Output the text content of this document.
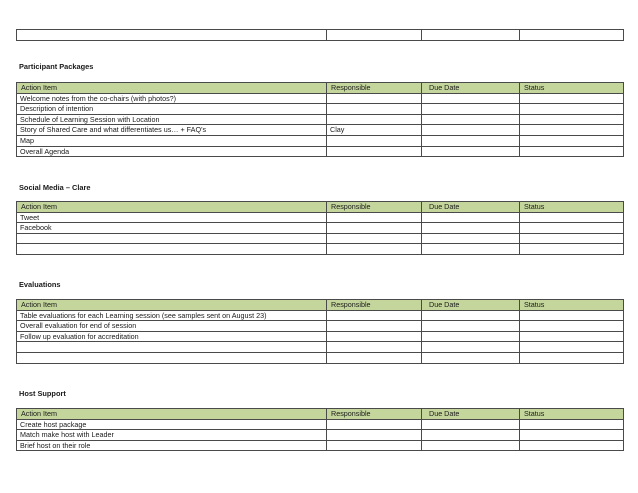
Participant Packages
Action Item	Responsible	Due Date	Status
Welcome notes from the co-chairs (with photos?)			
Description of intention			
Schedule of Learning Session with Location			
Story of Shared Care and what differentiates us… + FAQ’s	Clay		
Map			
Overall Agenda			
Social Media – Clare
Action Item	Responsible	Due Date	Status
Tweet			
Facebook			

Evaluations
Action Item	Responsible	Due Date	Status
Table evaluations for each Learning session (see samples sent on August 23)			
Overall evaluation for end of session			
Follow up evaluation for accreditation			

Host Support
Action Item	Responsible	Due Date	Status
Create host package			
Match make host with Leader			
Brief host on their role			
